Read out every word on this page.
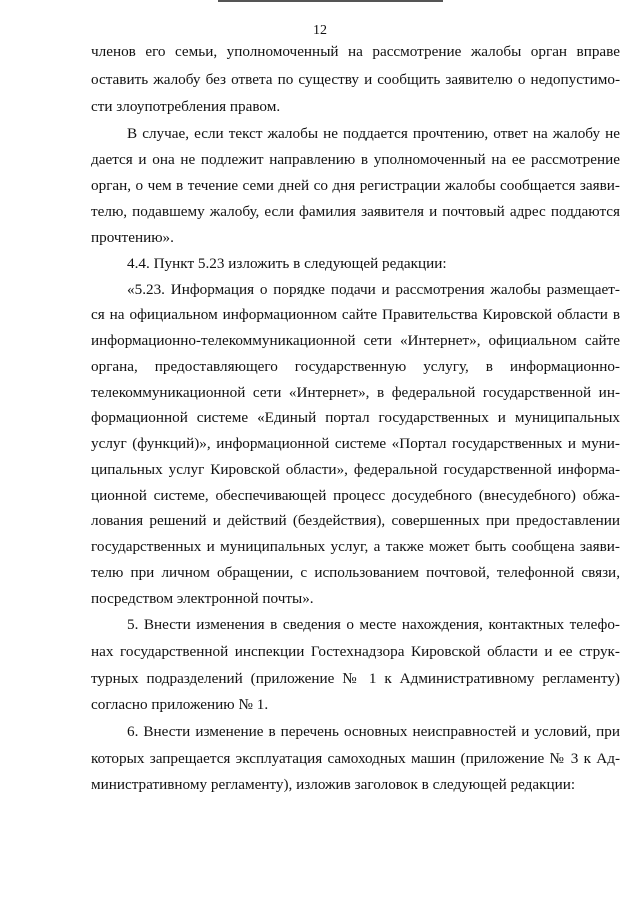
12
членов его семьи, уполномоченный на рассмотрение жалобы орган вправе
оставить жалобу без ответа по существу и сообщить заявителю о недопустимо-
сти злоупотребления правом.
В случае, если текст жалобы не поддается прочтению, ответ на жалобу не
дается и она не подлежит направлению в уполномоченный на ее рассмотрение
орган, о чем в течение семи дней со дня регистрации жалобы сообщается заяви-
телю, подавшему жалобу, если фамилия заявителя и почтовый адрес поддаются
прочтению».
4.4. Пункт 5.23 изложить в следующей редакции:
«5.23. Информация о порядке подачи и рассмотрения жалобы размещает-
ся на официальном информационном сайте Правительства Кировской области в
информационно-телекоммуникационной сети «Интернет», официальном сайте
органа, предоставляющего государственную услугу, в информационно-
телекоммуникационной сети «Интернет», в федеральной государственной ин-
формационной системе «Единый портал государственных и муниципальных
услуг (функций)», информационной системе «Портал государственных и муни-
ципальных услуг Кировской области», федеральной государственной информа-
ционной системе, обеспечивающей процесс досудебного (внесудебного) обжа-
лования решений и действий (бездействия), совершенных при предоставлении
государственных и муниципальных услуг, а также может быть сообщена заяви-
телю при личном обращении, с использованием почтовой, телефонной связи,
посредством электронной почты».
5. Внести изменения в сведения о месте нахождения, контактных телефо-
нах государственной инспекции Гостехнадзора Кировской области и ее струк-
турных подразделений (приложение № 1 к Административному регламенту)
согласно приложению № 1.
6. Внести изменение в перечень основных неисправностей и условий, при
которых запрещается эксплуатация самоходных машин (приложение № 3 к Ад-
министративному регламенту), изложив заголовок в следующей редакции:
